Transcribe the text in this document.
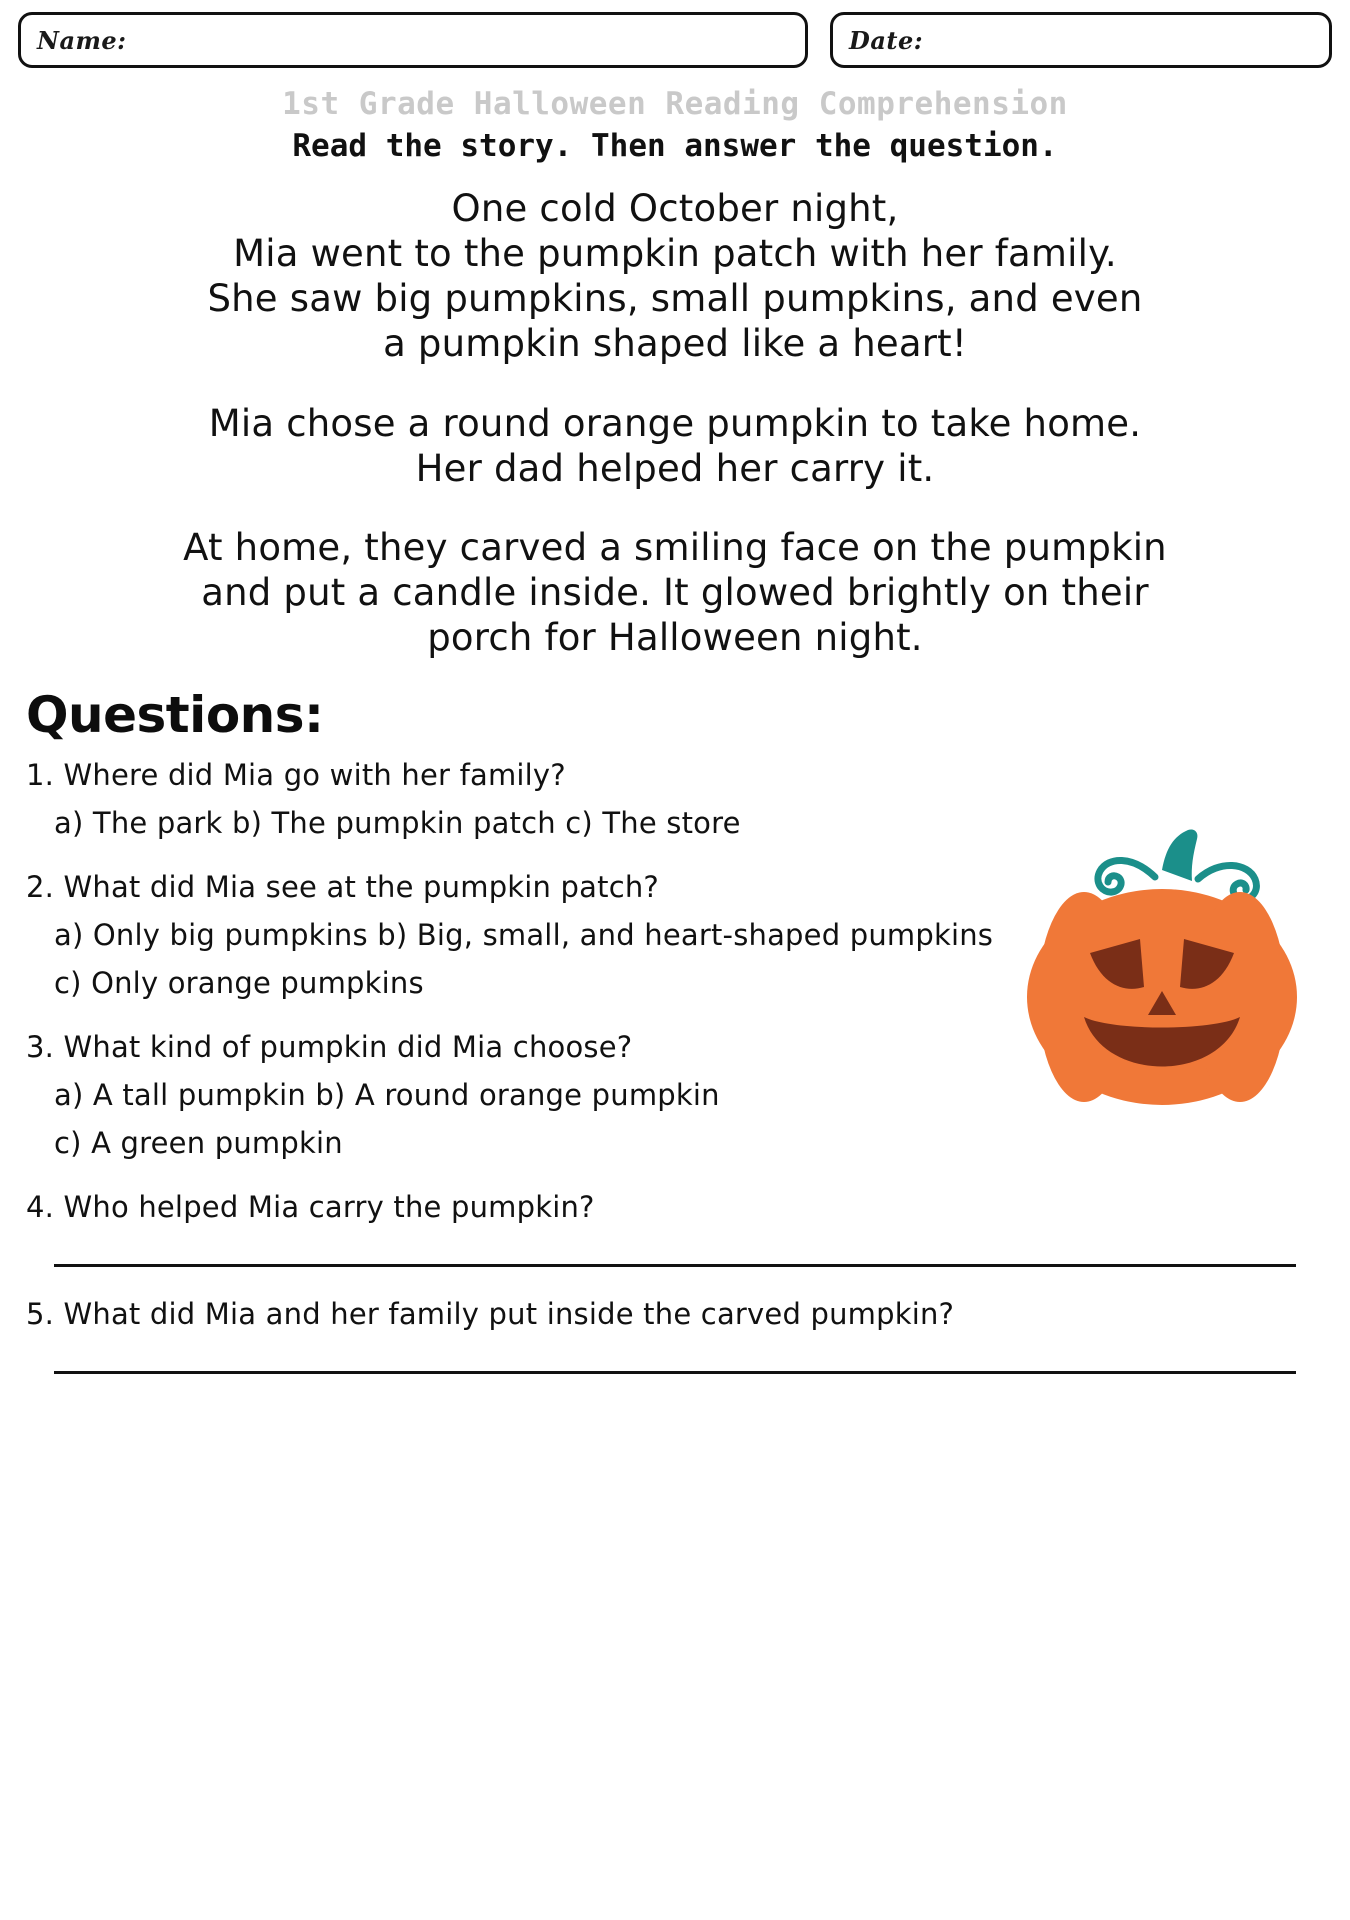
Name:	Date:
1st Grade Halloween Reading Comprehension
Read the story. Then answer the question.

One cold October night,

Mia went to the pumpkin patch with her family.

She saw big pumpkins, small pumpkins, and even

a pumpkin shaped like a heart!

Mia chose a round orange pumpkin to take home.

Her dad helped her carry it.

At home, they carved a smiling face on the pumpkin

and put a candle inside. It glowed brightly on their

porch for Halloween night.

Questions:
1. Where did Mia go with her family?
a) The park b) The pumpkin patch c) The store
2. What did Mia see at the pumpkin patch?
a) Only big pumpkins b) Big, small, and heart-shaped pumpkins
c) Only orange pumpkins
3. What kind of pumpkin did Mia choose?
a) A tall pumpkin b) A round orange pumpkin
c) A green pumpkin
4. Who helped Mia carry the pumpkin?
5. What did Mia and her family put inside the carved pumpkin?
